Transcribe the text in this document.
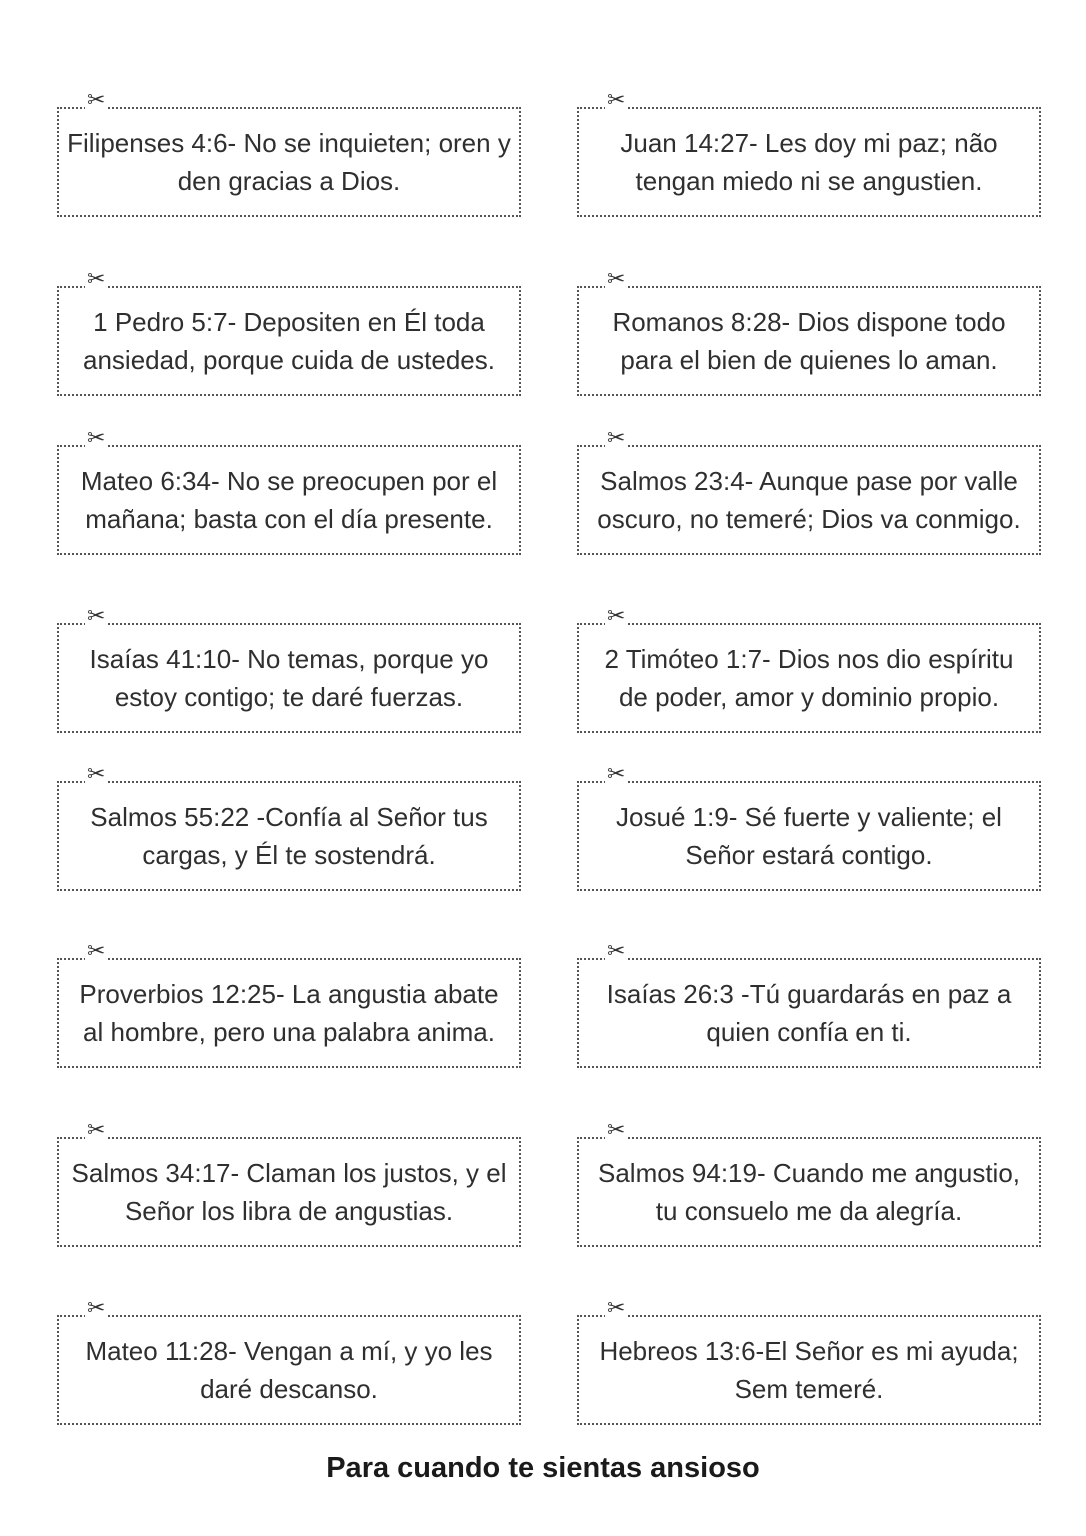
✂
Filipenses 4:6- No se inquieten; oren y den gracias a Dios.
✂
Juan 14:27- Les doy mi paz; não tengan miedo ni se angustien.
✂
1 Pedro 5:7- Depositen en Él toda ansiedad, porque cuida de ustedes.
✂
Romanos 8:28- Dios dispone todo para el bien de quienes lo aman.
✂
Mateo 6:34- No se preocupen por el mañana; basta con el día presente.
✂
Salmos 23:4- Aunque pase por valle oscuro, no temeré; Dios va conmigo.
✂
Isaías 41:10- No temas, porque yo estoy contigo; te daré fuerzas.
✂
2 Timóteo 1:7- Dios nos dio espíritu de poder, amor y dominio propio.
✂
Salmos 55:22 -Confía al Señor tus cargas, y Él te sostendrá.
✂
Josué 1:9- Sé fuerte y valiente; el Señor estará contigo.
✂
Proverbios 12:25- La angustia abate al hombre, pero una palabra anima.
✂
Isaías 26:3 -Tú guardarás en paz a quien confía en ti.
✂
Salmos 34:17- Claman los justos, y el Señor los libra de angustias.
✂
Salmos 94:19- Cuando me angustio, tu consuelo me da alegría.
✂
Mateo 11:28- Vengan a mí, y yo les daré descanso.
✂
Hebreos 13:6-El Señor es mi ayuda; Sem temeré.
Para cuando te sientas ansioso
